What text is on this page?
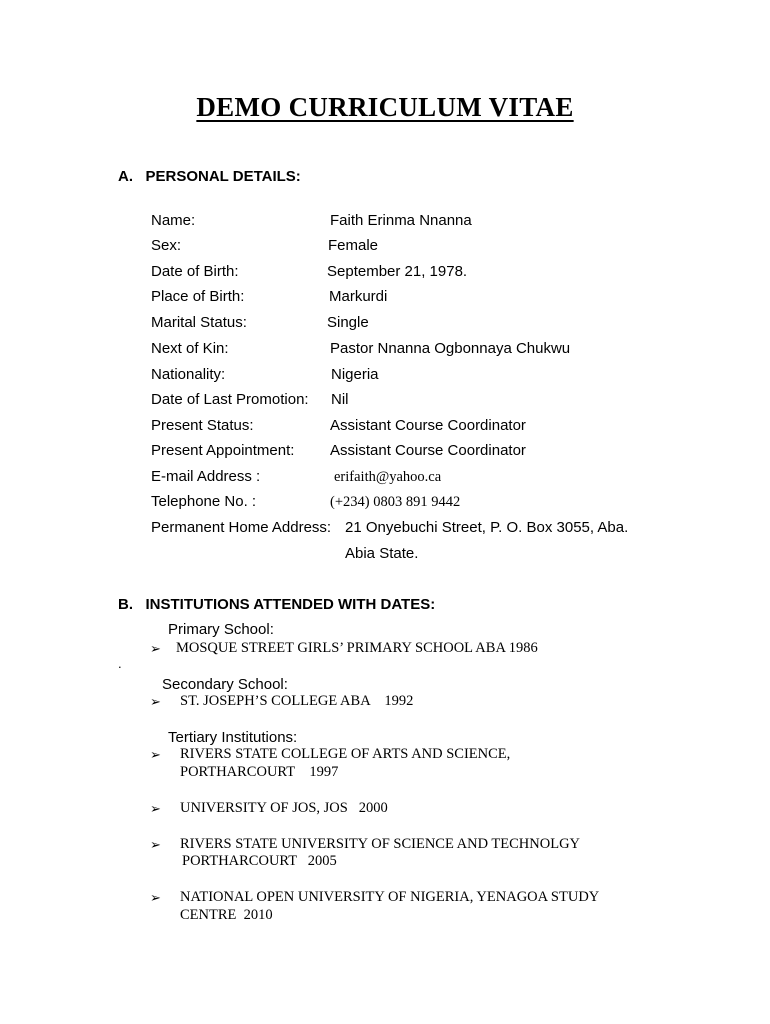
DEMO CURRICULUM VITAE
A.   PERSONAL DETAILS:
Name:	Faith Erinma Nnanna
Sex:	Female
Date of Birth:	September 21, 1978.
Place of Birth:	Markurdi
Marital Status:	Single
Next of Kin:	Pastor Nnanna Ogbonnaya Chukwu
Nationality:	Nigeria
Date of Last Promotion: Nil
Present Status:	Assistant Course Coordinator
Present Appointment: Assistant Course Coordinator
E-mail Address :	erifaith@yahoo.ca
Telephone No. :	(+234) 0803 891 9442
Permanent Home Address: 21 Onyebuchi Street, P. O. Box 3055, Aba.
Abia State.
B.   INSTITUTIONS ATTENDED WITH DATES:
Primary School:
➢ MOSQUE STREET GIRLS’ PRIMARY SCHOOL ABA 1986
.
Secondary School:
➢ ST. JOSEPH’S COLLEGE ABA    1992
Tertiary Institutions:
➢ RIVERS STATE COLLEGE OF ARTS AND SCIENCE,
PORTHARCOURT    1997
➢ UNIVERSITY OF JOS, JOS   2000
➢ RIVERS STATE UNIVERSITY OF SCIENCE AND TECHNOLGY
PORTHARCOURT   2005
➢ NATIONAL OPEN UNIVERSITY OF NIGERIA, YENAGOA STUDY
CENTRE  2010
